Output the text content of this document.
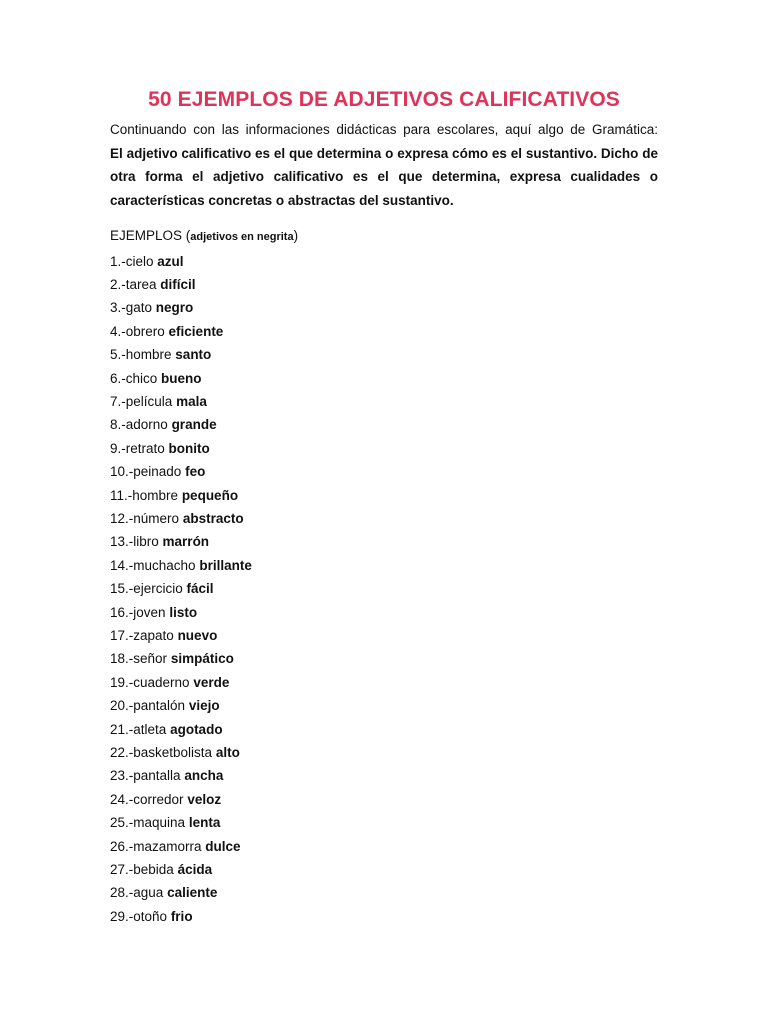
50 EJEMPLOS DE ADJETIVOS CALIFICATIVOS

Continuando con las informaciones didácticas para escolares, aquí algo de Gramática:
El adjetivo calificativo es el que determina o expresa cómo es el sustantivo. Dicho de otra forma el adjetivo calificativo es el que determina, expresa cualidades o características concretas o abstractas del sustantivo.

EJEMPLOS (adjetivos en negrita)

1.-cielo azul
2.-tarea difícil
3.-gato negro
4.-obrero eficiente
5.-hombre santo
6.-chico bueno
7.-película mala
8.-adorno grande
9.-retrato bonito
10.-peinado feo
11.-hombre pequeño
12.-número abstracto
13.-libro marrón
14.-muchacho brillante
15.-ejercicio fácil
16.-joven listo
17.-zapato nuevo
18.-señor simpático
19.-cuaderno verde
20.-pantalón viejo
21.-atleta agotado
22.-basketbolista alto
23.-pantalla ancha
24.-corredor veloz
25.-maquina lenta
26.-mazamorra dulce
27.-bebida ácida
28.-agua caliente
29.-otoño frio
